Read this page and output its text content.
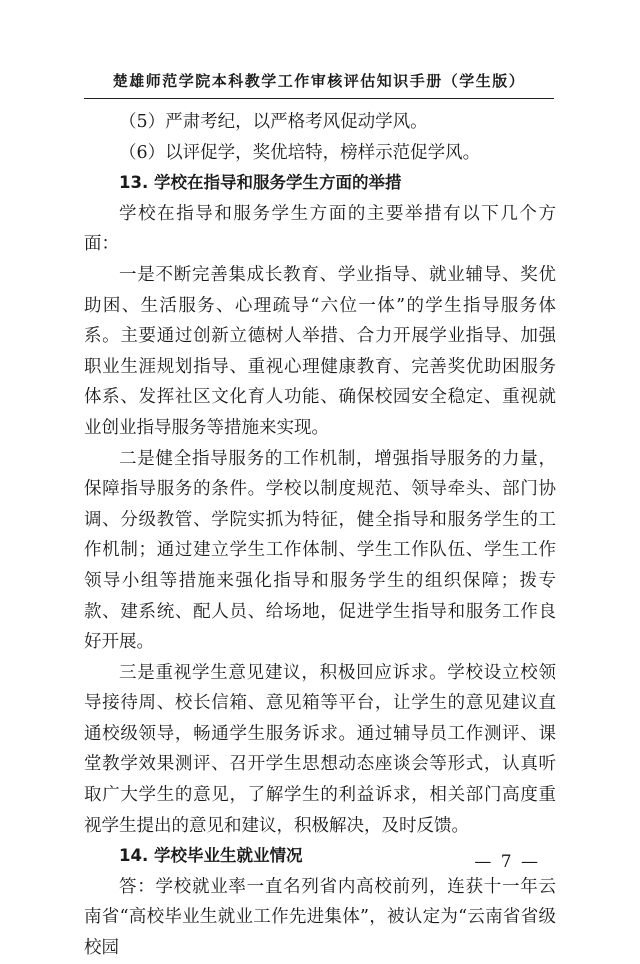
楚雄师范学院本科教学工作审核评估知识手册（学生版）

（5）严肃考纪，以严格考风促动学风。

（6）以评促学，奖优培特，榜样示范促学风。

13. 学校在指导和服务学生方面的举措

学校在指导和服务学生方面的主要举措有以下几个方面：

一是不断完善集成长教育、学业指导、就业辅导、奖优助困、生活服务、心理疏导“六位一体”的学生指导服务体系。主要通过创新立德树人举措、合力开展学业指导、加强职业生涯规划指导、重视心理健康教育、完善奖优助困服务体系、发挥社区文化育人功能、确保校园安全稳定、重视就业创业指导服务等措施来实现。

二是健全指导服务的工作机制，增强指导服务的力量，保障指导服务的条件。学校以制度规范、领导牵头、部门协调、分级教管、学院实抓为特征，健全指导和服务学生的工作机制；通过建立学生工作体制、学生工作队伍、学生工作领导小组等措施来强化指导和服务学生的组织保障；拨专款、建系统、配人员、给场地，促进学生指导和服务工作良好开展。

三是重视学生意见建议，积极回应诉求。学校设立校领导接待周、校长信箱、意见箱等平台，让学生的意见建议直通校级领导，畅通学生服务诉求。通过辅导员工作测评、课堂教学效果测评、召开学生思想动态座谈会等形式，认真听取广大学生的意见，了解学生的利益诉求，相关部门高度重视学生提出的意见和建议，积极解决，及时反馈。

14. 学校毕业生就业情况

答：学校就业率一直名列省内高校前列，连获十一年云南省“高校毕业生就业工作先进集体”，被认定为“云南省省级校园

— 7 —
